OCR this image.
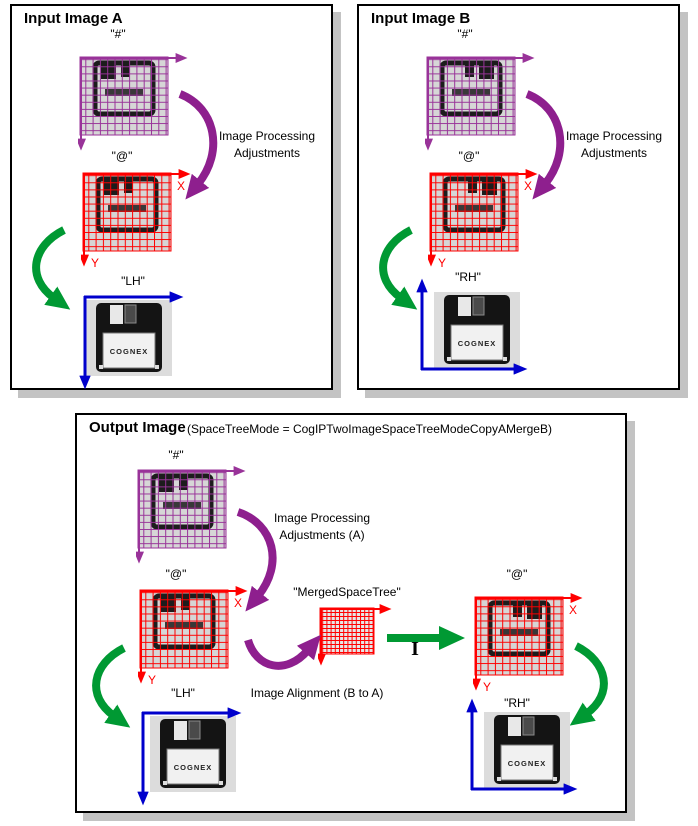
Input Image A
"#"
Image Processing
Adjustments
"@"
X
Y
"LH"
COGNEX
Input Image B
"#"
Image Processing
Adjustments
"@"
X
Y
"RH"
COGNEX
Output Image (SpaceTreeMode = CogIPTwoImageSpaceTreeModeCopyAMergeB)
"#"
Image Processing
Adjustments (A)
"@"
X
Y
"MergedSpaceTree"
Image Alignment (B to A)
I
"@"
X
Y
"LH"
COGNEX
"RH"
COGNEX
